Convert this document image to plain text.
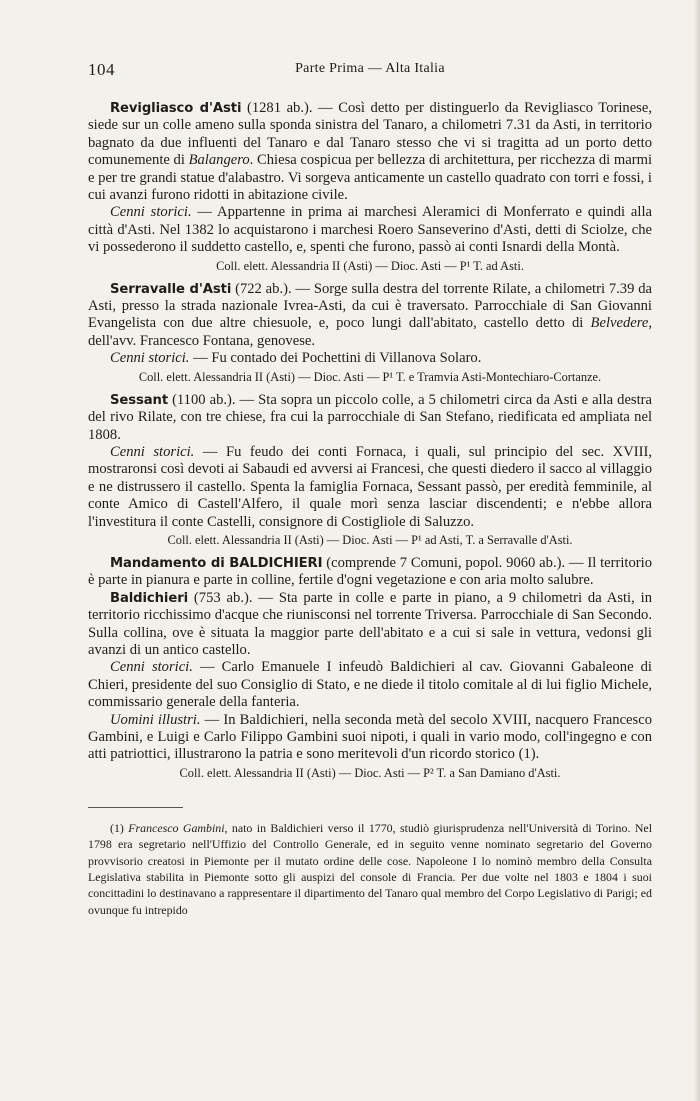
104	Parte Prima — Alta Italia

Revigliasco d'Asti (1281 ab.). — Così detto per distinguerlo da Revigliasco Torinese, siede sur un colle ameno sulla sponda sinistra del Tanaro, a chilometri 7.31 da Asti, in territorio bagnato da due influenti del Tanaro e dal Tanaro stesso che vi si tragitta ad un porto detto comunemente di Balangero. Chiesa cospicua per bellezza di architettura, per ricchezza di marmi e per tre grandi statue d'alabastro. Vi sorgeva anticamente un castello quadrato con torri e fossi, i cui avanzi furono ridotti in abitazione civile.

Cenni storici. — Appartenne in prima ai marchesi Aleramici di Monferrato e quindi alla città d'Asti. Nel 1382 lo acquistarono i marchesi Roero Sanseverino d'Asti, detti di Sciolze, che vi possederono il suddetto castello, e, spenti che furono, passò ai conti Isnardi della Montà.

Coll. elett. Alessandria II (Asti) — Dioc. Asti — P¹ T. ad Asti.

Serravalle d'Asti (722 ab.). — Sorge sulla destra del torrente Rilate, a chilometri 7.39 da Asti, presso la strada nazionale Ivrea-Asti, da cui è traversato. Parrocchiale di San Giovanni Evangelista con due altre chiesuole, e, poco lungi dall'abitato, castello detto di Belvedere, dell'avv. Francesco Fontana, genovese.

Cenni storici. — Fu contado dei Pochettini di Villanova Solaro.

Coll. elett. Alessandria II (Asti) — Dioc. Asti — P¹ T. e Tramvia Asti-Montechiaro-Cortanze.

Sessant (1100 ab.). — Sta sopra un piccolo colle, a 5 chilometri circa da Asti e alla destra del rivo Rilate, con tre chiese, fra cui la parrocchiale di San Stefano, riedificata ed ampliata nel 1808.

Cenni storici. — Fu feudo dei conti Fornaca, i quali, sul principio del sec. XVIII, mostraronsi così devoti ai Sabaudi ed avversi ai Francesi, che questi diedero il sacco al villaggio e ne distrussero il castello. Spenta la famiglia Fornaca, Sessant passò, per eredità femminile, al conte Amico di Castell'Alfero, il quale morì senza lasciar discendenti; e n'ebbe allora l'investitura il conte Castelli, consignore di Costigliole di Saluzzo.

Coll. elett. Alessandria II (Asti) — Dioc. Asti — P¹ ad Asti, T. a Serravalle d'Asti.

Mandamento di BALDICHIERI (comprende 7 Comuni, popol. 9060 ab.). — Il territorio è parte in pianura e parte in colline, fertile d'ogni vegetazione e con aria molto salubre.

Baldichieri (753 ab.). — Sta parte in colle e parte in piano, a 9 chilometri da Asti, in territorio ricchissimo d'acque che riunisconsi nel torrente Triversa. Parrocchiale di San Secondo. Sulla collina, ove è situata la maggior parte dell'abitato e a cui si sale in vettura, vedonsi gli avanzi di un antico castello.

Cenni storici. — Carlo Emanuele I infeudò Baldichieri al cav. Giovanni Gabaleone di Chieri, presidente del suo Consiglio di Stato, e ne diede il titolo comitale al di lui figlio Michele, commissario generale della fanteria.

Uomini illustri. — In Baldichieri, nella seconda metà del secolo XVIII, nacquero Francesco Gambini, e Luigi e Carlo Filippo Gambini suoi nipoti, i quali in vario modo, coll'ingegno e con atti patriottici, illustrarono la patria e sono meritevoli d'un ricordo storico (1).

Coll. elett. Alessandria II (Asti) — Dioc. Asti — P² T. a San Damiano d'Asti.

(1) Francesco Gambini, nato in Baldichieri verso il 1770, studiò giurisprudenza nell'Università di Torino. Nel 1798 era segretario nell'Uffizio del Controllo Generale, ed in seguito venne nominato segretario del Governo provvisorio creatosi in Piemonte per il mutato ordine delle cose. Napoleone I lo nominò membro della Consulta Legislativa stabilita in Piemonte sotto gli auspizi del console di Francia. Per due volte nel 1803 e 1804 i suoi concittadini lo destinavano a rappresentare il dipartimento del Tanaro qual membro del Corpo Legislativo di Parigi; ed ovunque fu intrepido
